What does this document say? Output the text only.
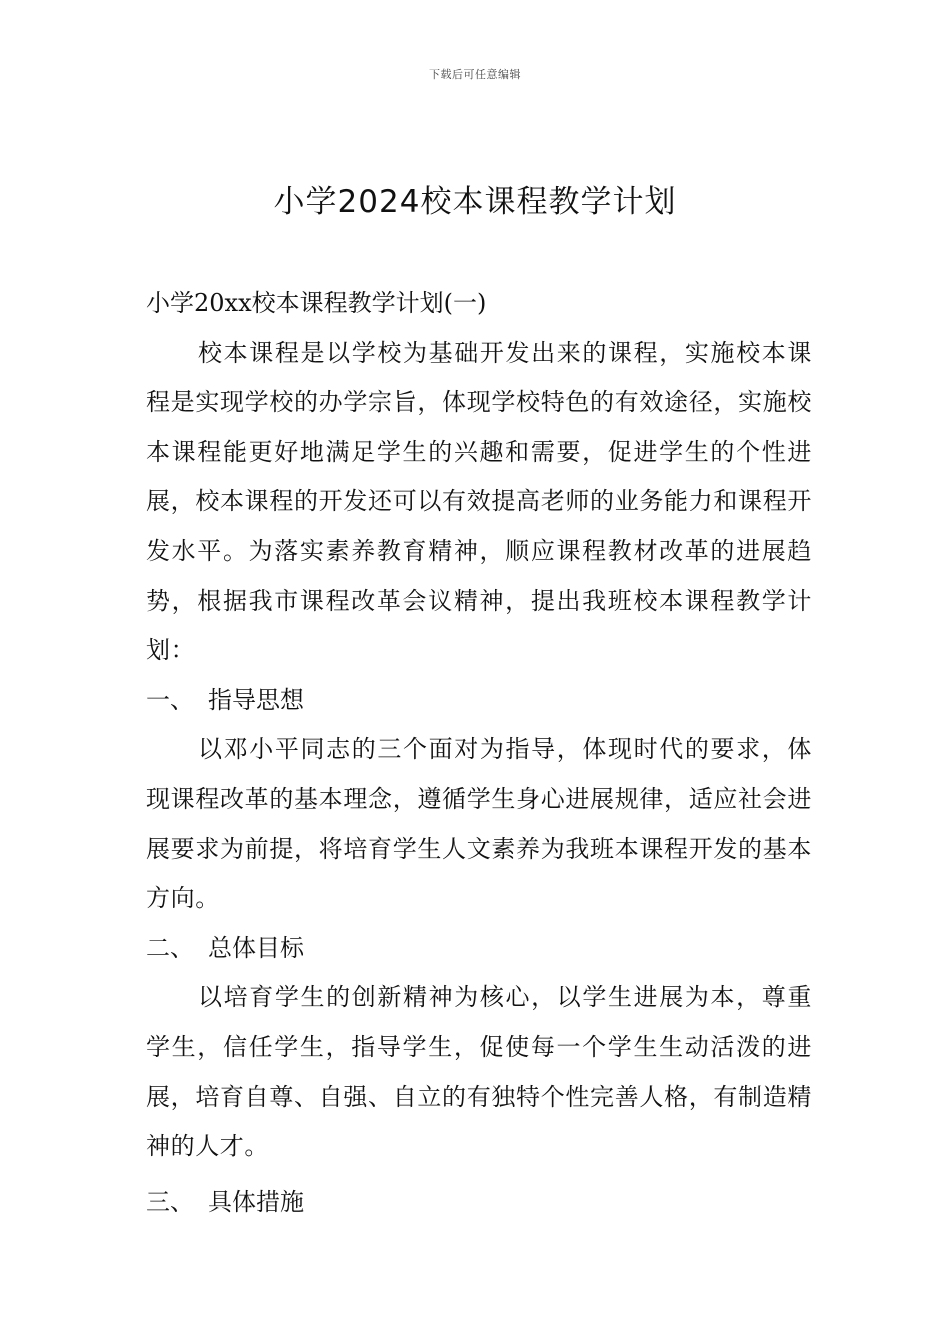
下载后可任意编辑
小学2024校本课程教学计划

小学20xx校本课程教学计划(一)

校本课程是以学校为基础开发出来的课程，实施校本课程是实现学校的办学宗旨，体现学校特色的有效途径，实施校本课程能更好地满足学生的兴趣和需要，促进学生的个性进展，校本课程的开发还可以有效提高老师的业务能力和课程开发水平。为落实素养教育精神，顺应课程教材改革的进展趋势，根据我市课程改革会议精神，提出我班校本课程教学计划：

一、 指导思想

以邓小平同志的三个面对为指导，体现时代的要求，体现课程改革的基本理念，遵循学生身心进展规律，适应社会进展要求为前提，将培育学生人文素养为我班本课程开发的基本方向。

二、 总体目标

以培育学生的创新精神为核心，以学生进展为本，尊重学生，信任学生，指导学生，促使每一个学生生动活泼的进展，培育自尊、自强、自立的有独特个性完善人格，有制造精神的人才。

三、 具体措施
